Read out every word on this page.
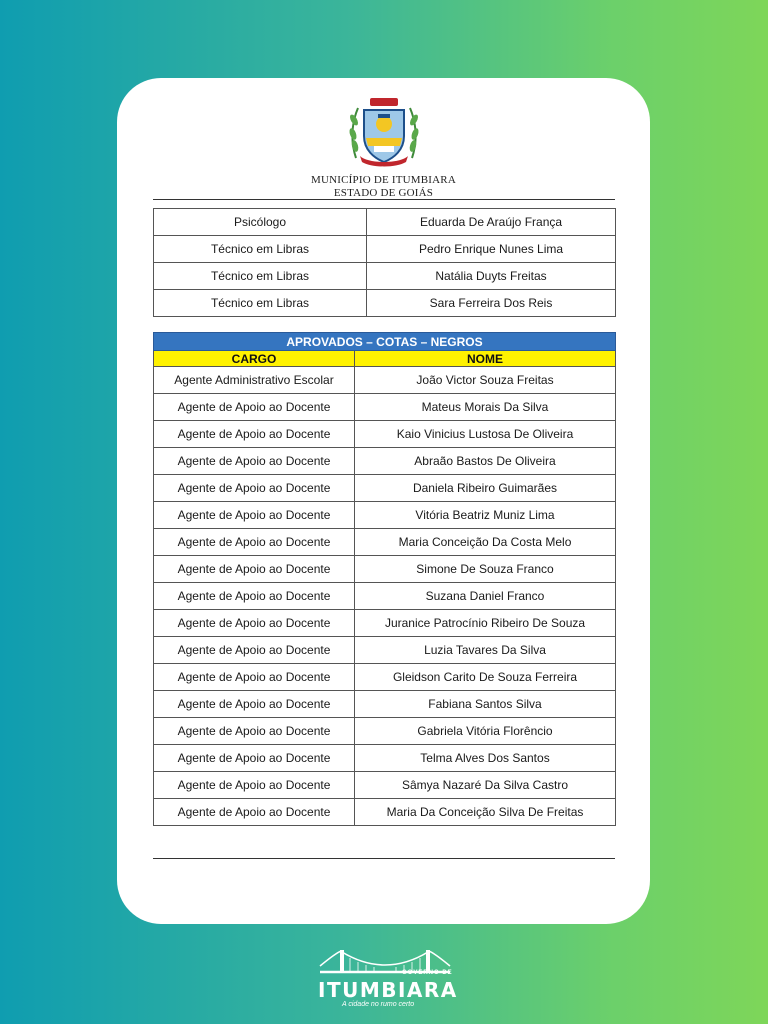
MUNICÍPIO DE ITUMBIARA
ESTADO DE GOIÁS
Psicólogo	Eduarda De Araújo França
Técnico em Libras	Pedro Enrique Nunes Lima
Técnico em Libras	Natália Duyts Freitas
Técnico em Libras	Sara Ferreira Dos Reis
APROVADOS – COTAS – NEGROS	
CARGO	NOME
Agente Administrativo Escolar	João Victor Souza Freitas
Agente de Apoio ao Docente	Mateus Morais Da Silva
Agente de Apoio ao Docente	Kaio Vinicius Lustosa De Oliveira
Agente de Apoio ao Docente	Abraão Bastos De Oliveira
Agente de Apoio ao Docente	Daniela Ribeiro Guimarães
Agente de Apoio ao Docente	Vitória Beatriz Muniz Lima
Agente de Apoio ao Docente	Maria Conceição Da Costa Melo
Agente de Apoio ao Docente	Simone De Souza Franco
Agente de Apoio ao Docente	Suzana Daniel Franco
Agente de Apoio ao Docente	Juranice Patrocínio Ribeiro De Souza
Agente de Apoio ao Docente	Luzia Tavares Da Silva
Agente de Apoio ao Docente	Gleidson Carito De Souza Ferreira
Agente de Apoio ao Docente	Fabiana Santos Silva
Agente de Apoio ao Docente	Gabriela Vitória Florêncio
Agente de Apoio ao Docente	Telma Alves Dos Santos
Agente de Apoio ao Docente	Sâmya Nazaré Da Silva Castro
Agente de Apoio ao Docente	Maria Da Conceição Silva De Freitas
GOVERNO DE
ITUMBIARA
A cidade no rumo certo
